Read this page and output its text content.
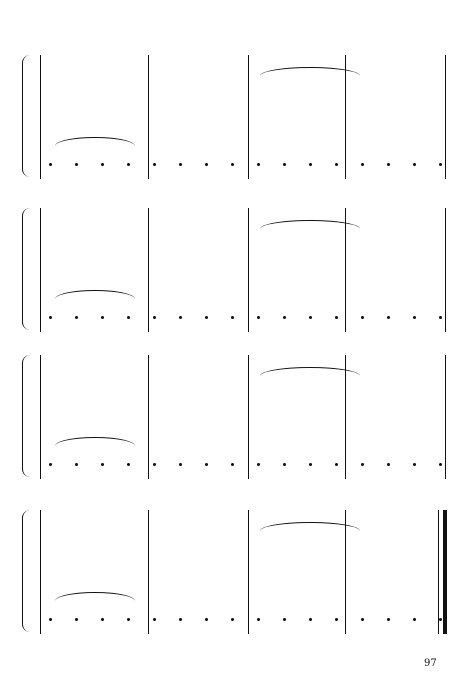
97
